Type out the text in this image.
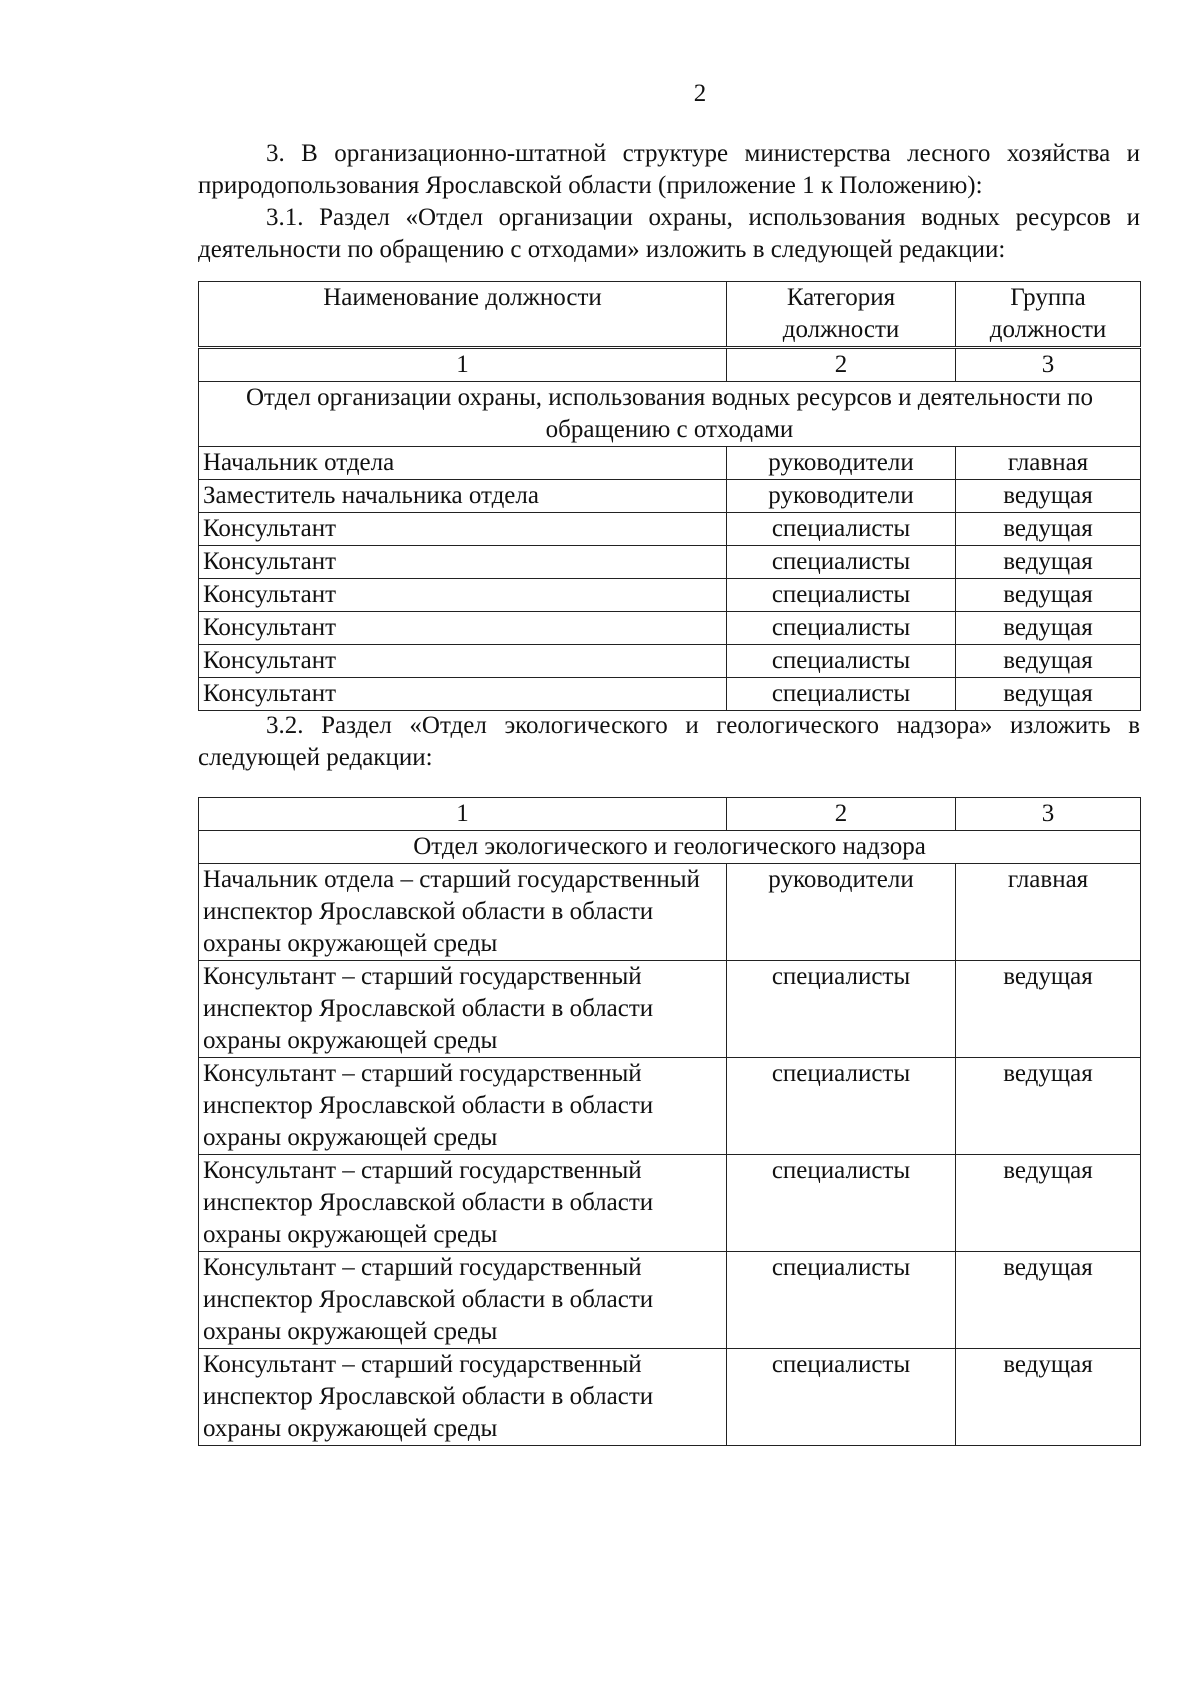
2

3. В организационно-штатной структуре министерства лесного хозяйства и природопользования Ярославской области (приложение 1 к Положению):

3.1. Раздел «Отдел организации охраны, использования водных ресурсов и деятельности по обращению с отходами» изложить в следующей редакции:

Наименование должности	Категория должности	Группа должности
1	2	3
Отдел организации охраны, использования водных ресурсов и деятельности по обращению с отходами		
Начальник отдела	руководители	главная
Заместитель начальника отдела	руководители	ведущая
Консультант	специалисты	ведущая
Консультант	специалисты	ведущая
Консультант	специалисты	ведущая
Консультант	специалисты	ведущая
Консультант	специалисты	ведущая
Консультант	специалисты	ведущая

3.2. Раздел «Отдел экологического и геологического надзора» изложить в следующей редакции:

1	2	3
Отдел экологического и геологического надзора		
Начальник отдела – старший государственный инспектор Ярославской области в области охраны окружающей среды	руководители	главная
Консультант – старший государственный инспектор Ярославской области в области охраны окружающей среды	специалисты	ведущая
Консультант – старший государственный инспектор Ярославской области в области охраны окружающей среды	специалисты	ведущая
Консультант – старший государственный инспектор Ярославской области в области охраны окружающей среды	специалисты	ведущая
Консультант – старший государственный инспектор Ярославской области в области охраны окружающей среды	специалисты	ведущая
Консультант – старший государственный инспектор Ярославской области в области охраны окружающей среды	специалисты	ведущая
